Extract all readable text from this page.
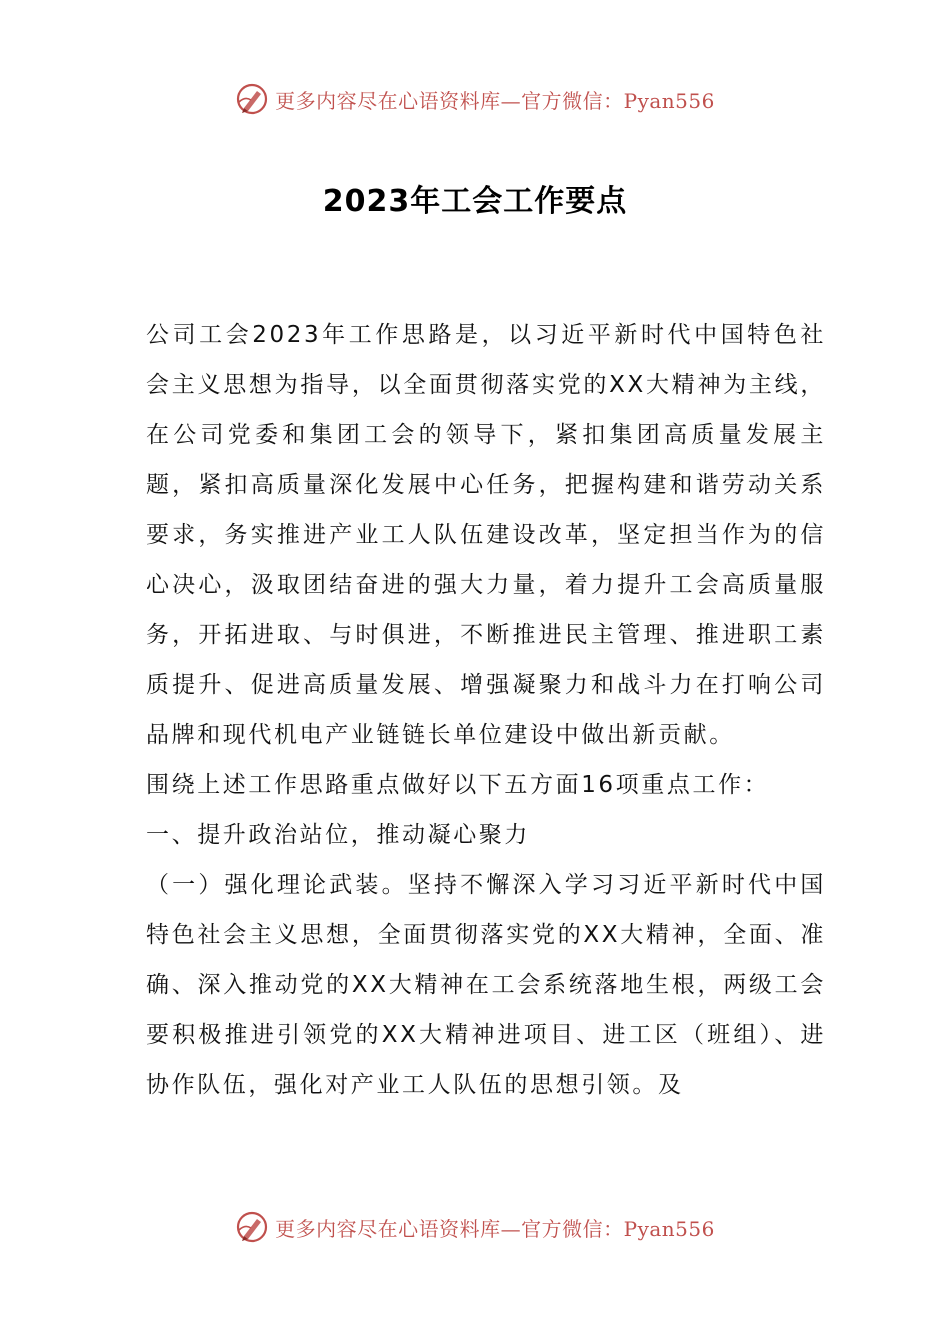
更多内容尽在心语资料库—官方微信：Pyan556
2023年工会工作要点

公司工会2023年工作思路是，以习近平新时代中国特色社会主义思想为指导，以全面贯彻落实党的XX大精神为主线，在公司党委和集团工会的领导下，紧扣集团高质量发展主题，紧扣高质量深化发展中心任务，把握构建和谐劳动关系要求，务实推进产业工人队伍建设改革，坚定担当作为的信心决心，汲取团结奋进的强大力量，着力提升工会高质量服务，开拓进取、与时俱进，不断推进民主管理、推进职工素质提升、促进高质量发展、增强凝聚力和战斗力在打响公司品牌和现代机电产业链链长单位建设中做出新贡献。

围绕上述工作思路重点做好以下五方面16项重点工作：

一、提升政治站位，推动凝心聚力

（一）强化理论武装。坚持不懈深入学习习近平新时代中国特色社会主义思想，全面贯彻落实党的XX大精神，全面、准确、深入推动党的XX大精神在工会系统落地生根，两级工会要积极推进引领党的XX大精神进项目、进工区（班组）、进协作队伍，强化对产业工人队伍的思想引领。及

更多内容尽在心语资料库—官方微信：Pyan556
